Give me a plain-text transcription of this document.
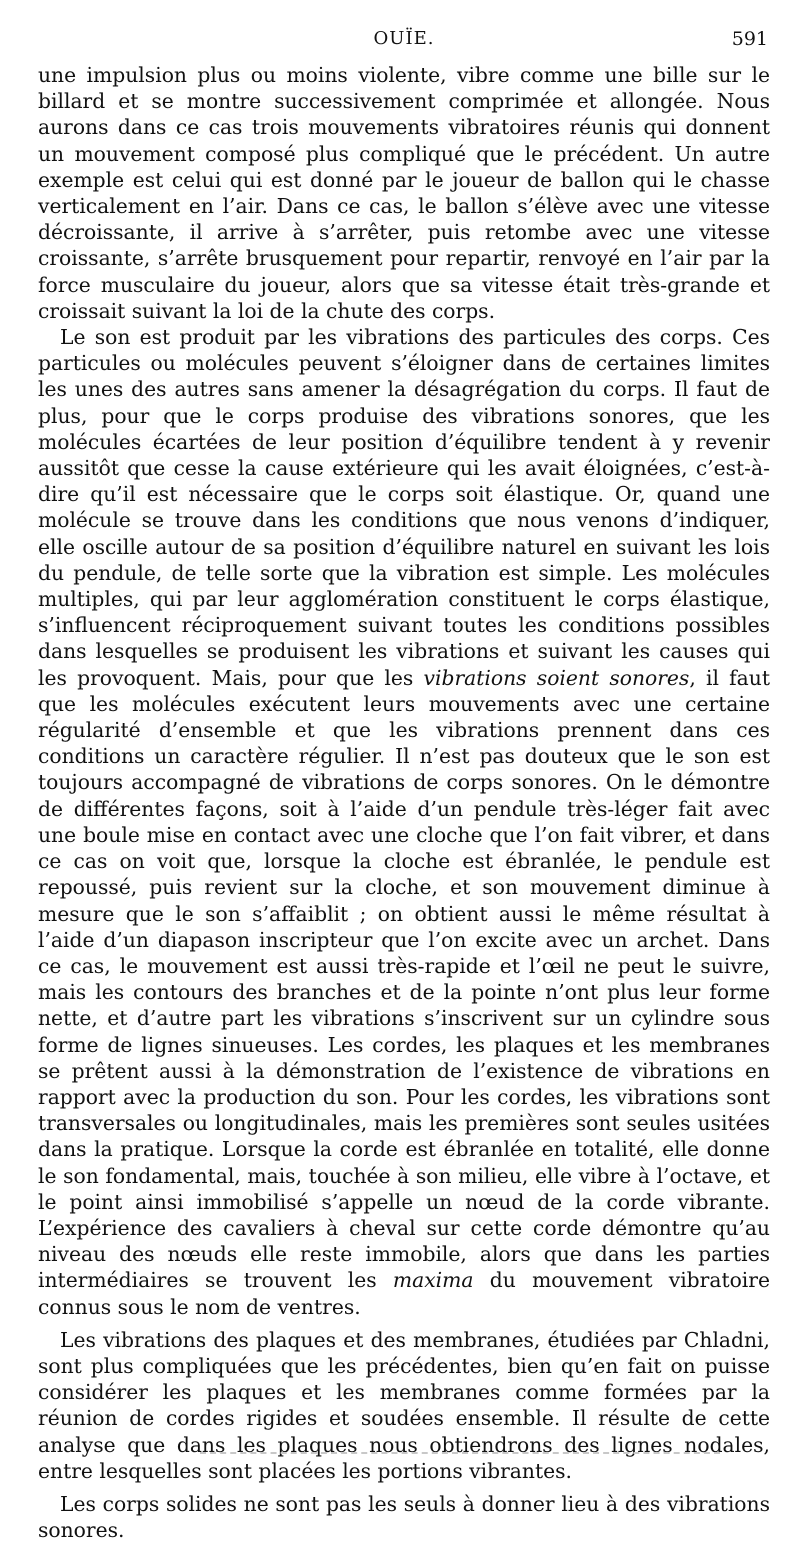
OUÏE.	591

une impulsion plus ou moins violente, vibre comme une bille sur le billard et se montre successivement comprimée et allongée. Nous aurons dans ce cas trois mouvements vibratoires réunis qui donnent un mouvement composé plus compliqué que le précédent. Un autre exemple est celui qui est donné par le joueur de ballon qui le chasse verticalement en l’air. Dans ce cas, le ballon s’élève avec une vitesse décroissante, il arrive à s’arrêter, puis retombe avec une vitesse croissante, s’arrête brusquement pour repartir, renvoyé en l’air par la force musculaire du joueur, alors que sa vitesse était très-grande et croissait suivant la loi de la chute des corps.

Le son est produit par les vibrations des particules des corps. Ces particules ou molécules peuvent s’éloigner dans de certaines limites les unes des autres sans amener la désagrégation du corps. Il faut de plus, pour que le corps produise des vibrations sonores, que les molécules écartées de leur position d’équilibre tendent à y revenir aussitôt que cesse la cause extérieure qui les avait éloignées, c’est-à-dire qu’il est nécessaire que le corps soit élastique. Or, quand une molécule se trouve dans les conditions que nous venons d’indiquer, elle oscille autour de sa position d’équilibre naturel en suivant les lois du pendule, de telle sorte que la vibration est simple. Les molécules multiples, qui par leur agglomération constituent le corps élastique, s’influencent réciproquement suivant toutes les conditions possibles dans lesquelles se produisent les vibrations et suivant les causes qui les provoquent. Mais, pour que les vibrations soient sonores, il faut que les molécules exécutent leurs mouvements avec une certaine régularité d’ensemble et que les vibrations prennent dans ces conditions un caractère régulier. Il n’est pas douteux que le son est toujours accompagné de vibrations de corps sonores. On le démontre de différentes façons, soit à l’aide d’un pendule très-léger fait avec une boule mise en contact avec une cloche que l’on fait vibrer, et dans ce cas on voit que, lorsque la cloche est ébranlée, le pendule est repoussé, puis revient sur la cloche, et son mouvement diminue à mesure que le son s’affaiblit ; on obtient aussi le même résultat à l’aide d’un diapason inscripteur que l’on excite avec un archet. Dans ce cas, le mouvement est aussi très-rapide et l’œil ne peut le suivre, mais les contours des branches et de la pointe n’ont plus leur forme nette, et d’autre part les vibrations s’inscrivent sur un cylindre sous forme de lignes sinueuses. Les cordes, les plaques et les membranes se prêtent aussi à la démonstration de l’existence de vibrations en rapport avec la production du son. Pour les cordes, les vibrations sont transversales ou longitudinales, mais les premières sont seules usitées dans la pratique. Lorsque la corde est ébranlée en totalité, elle donne le son fondamental, mais, touchée à son milieu, elle vibre à l’octave, et le point ainsi immobilisé s’appelle un nœud de la corde vibrante. L’expérience des cavaliers à cheval sur cette corde démontre qu’au niveau des nœuds elle reste immobile, alors que dans les parties intermédiaires se trouvent les maxima du mouvement vibratoire connus sous le nom de ventres.

Les vibrations des plaques et des membranes, étudiées par Chladni, sont plus compliquées que les précédentes, bien qu’en fait on puisse considérer les plaques et les membranes comme formées par la réunion de cordes rigides et soudées ensemble. Il résulte de cette analyse que dans les plaques nous obtiendrons des lignes nodales, entre lesquelles sont placées les portions vibrantes.

Les corps solides ne sont pas les seuls à donner lieu à des vibrations sonores.
